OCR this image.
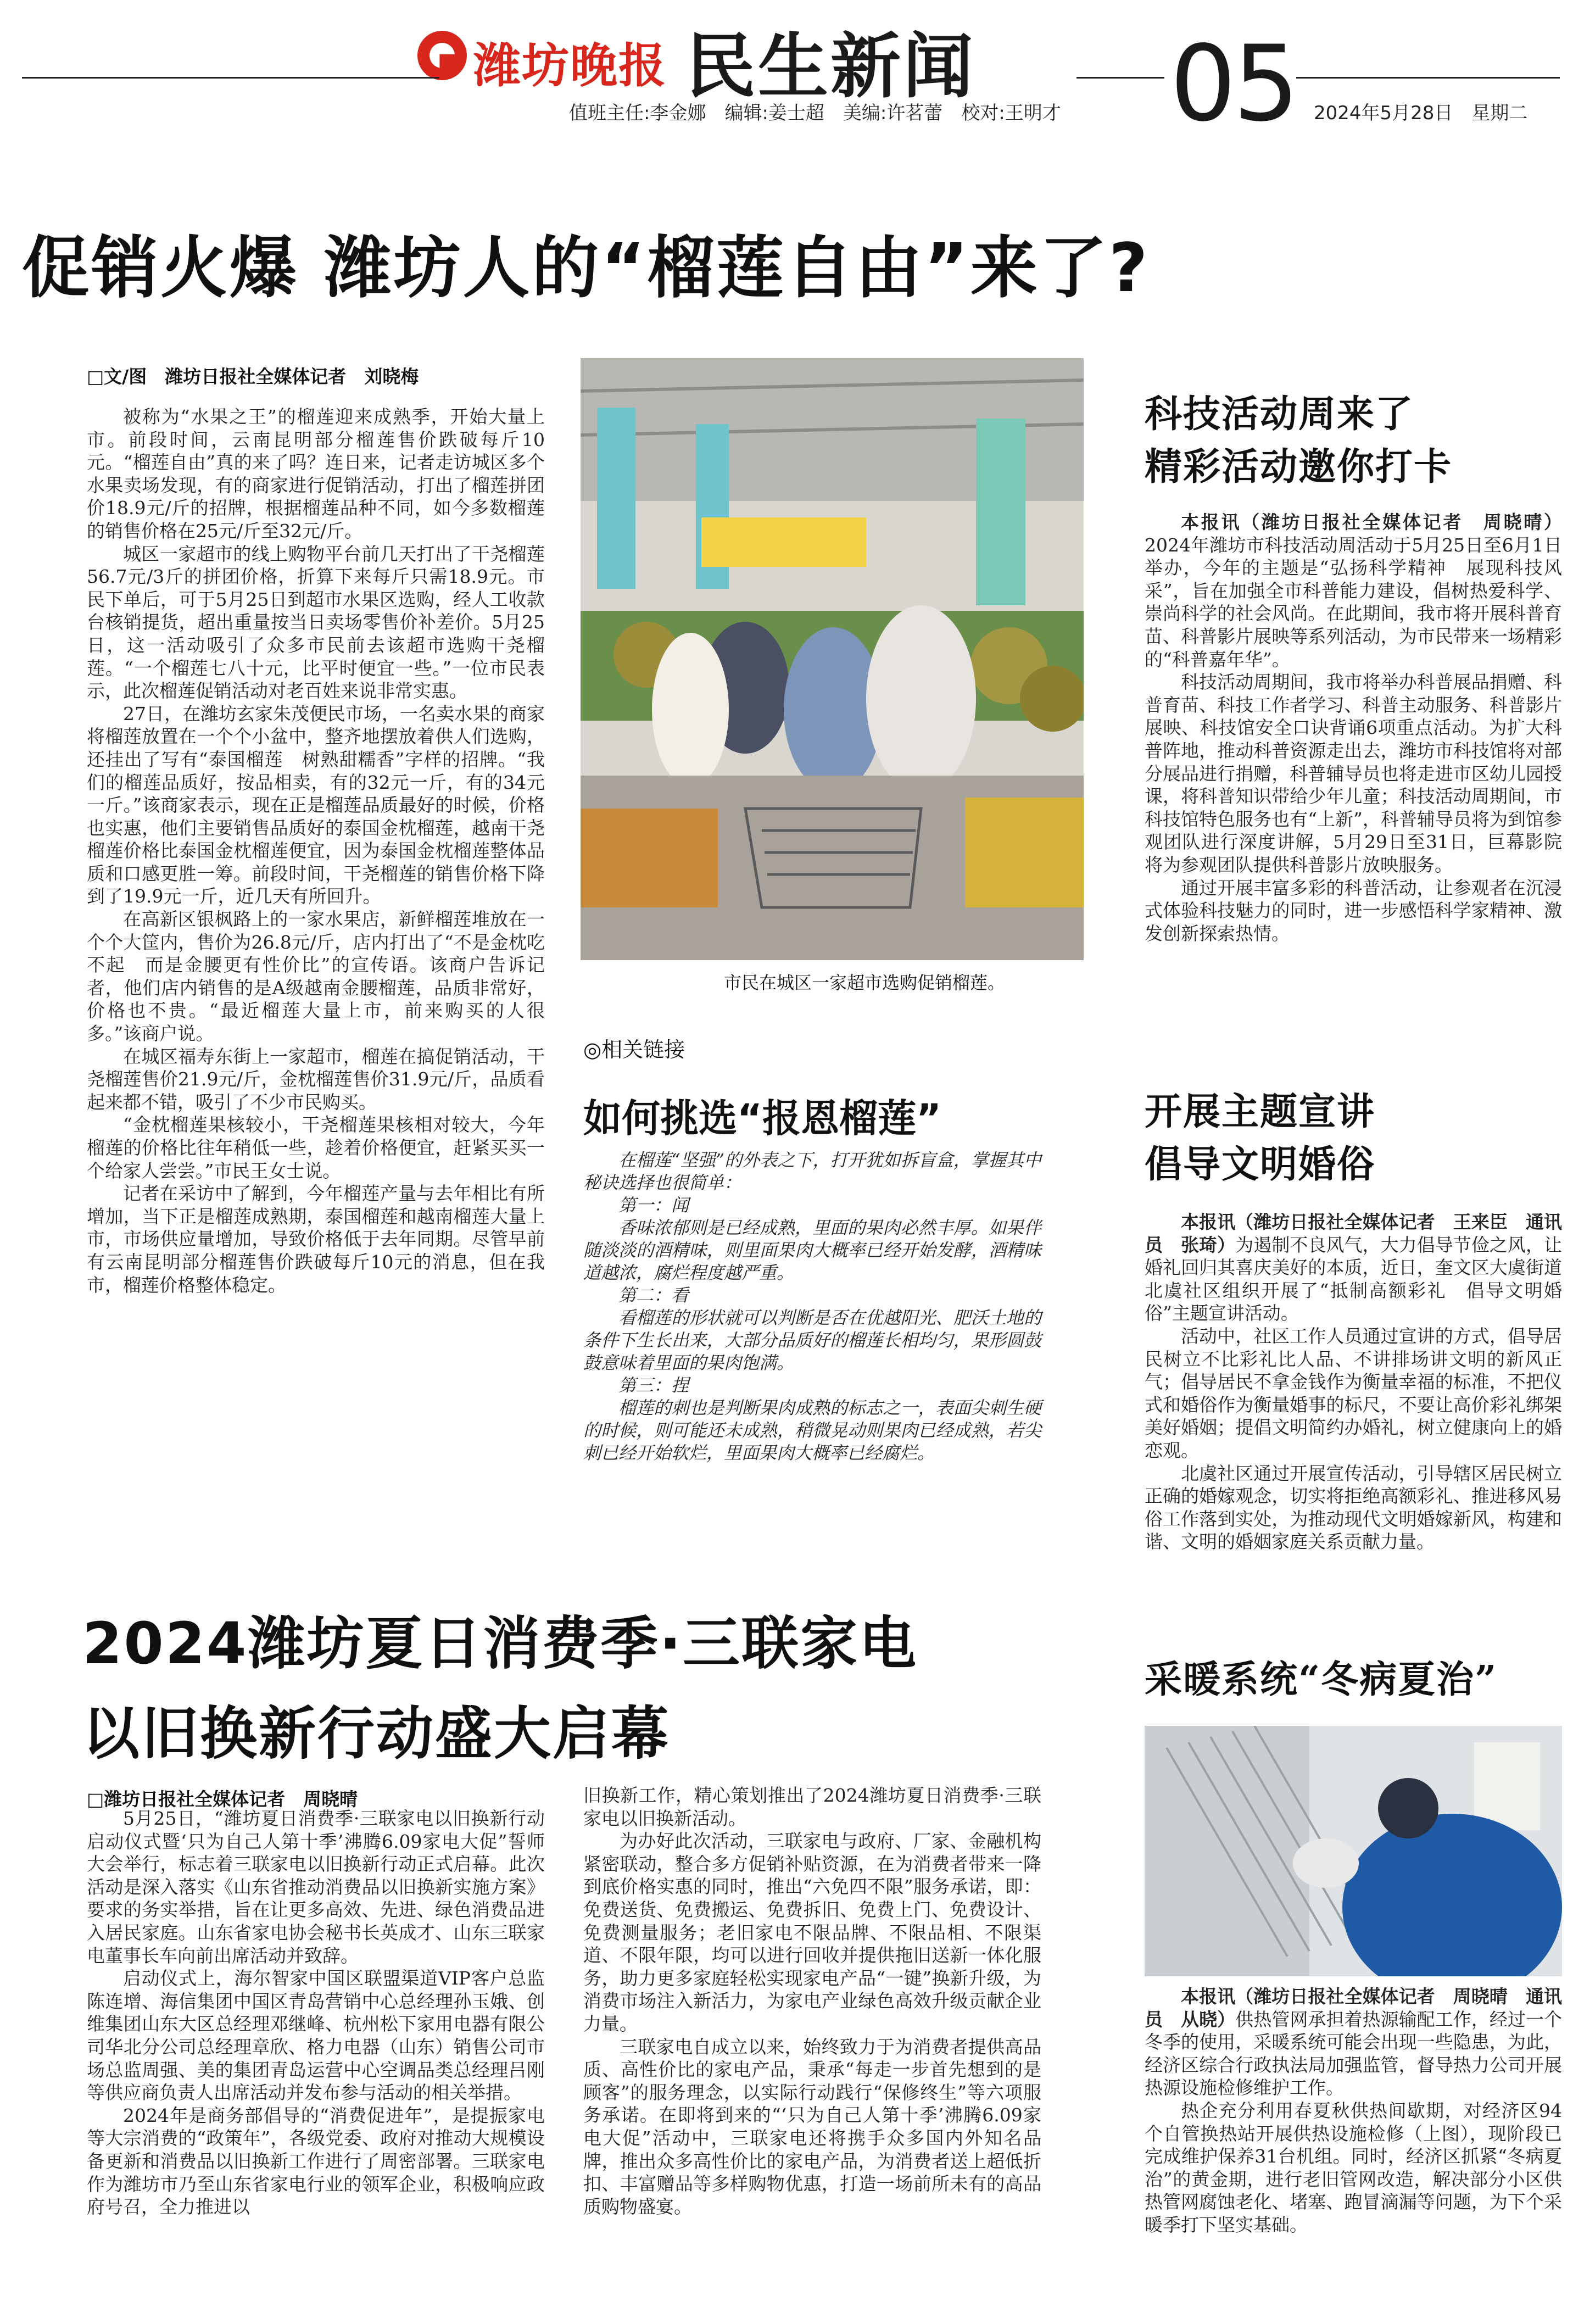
潍坊晚报 民生新闻 05
值班主任:李金娜　编辑:姜士超　美编:许茗蕾　校对:王明才	2024年5月28日　星期二
促销火爆 潍坊人的“榴莲自由”来了?
□文/图　潍坊日报社全媒体记者　刘晓梅

被称为“水果之王”的榴莲迎来成熟季，开始大量上市。前段时间，云南昆明部分榴莲售价跌破每斤10元。“榴莲自由”真的来了吗？连日来，记者走访城区多个水果卖场发现，有的商家进行促销活动，打出了榴莲拼团价18.9元/斤的招牌，根据榴莲品种不同，如今多数榴莲的销售价格在25元/斤至32元/斤。

城区一家超市的线上购物平台前几天打出了干尧榴莲56.7元/3斤的拼团价格，折算下来每斤只需18.9元。市民下单后，可于5月25日到超市水果区选购，经人工收款台核销提货，超出重量按当日卖场零售价补差价。5月25日，这一活动吸引了众多市民前去该超市选购干尧榴莲。“一个榴莲七八十元，比平时便宜一些。”一位市民表示，此次榴莲促销活动对老百姓来说非常实惠。

27日，在潍坊玄家朱茂便民市场，一名卖水果的商家将榴莲放置在一个个小盆中，整齐地摆放着供人们选购，还挂出了写有“泰国榴莲　树熟甜糯香”字样的招牌。“我们的榴莲品质好，按品相卖，有的32元一斤，有的34元一斤。”该商家表示，现在正是榴莲品质最好的时候，价格也实惠，他们主要销售品质好的泰国金枕榴莲，越南干尧榴莲价格比泰国金枕榴莲便宜，因为泰国金枕榴莲整体品质和口感更胜一筹。前段时间，干尧榴莲的销售价格下降到了19.9元一斤，近几天有所回升。

在高新区银枫路上的一家水果店，新鲜榴莲堆放在一个个大筐内，售价为26.8元/斤，店内打出了“不是金枕吃不起　而是金腰更有性价比”的宣传语。该商户告诉记者，他们店内销售的是A级越南金腰榴莲，品质非常好，价格也不贵。“最近榴莲大量上市，前来购买的人很多。”该商户说。

在城区福寿东街上一家超市，榴莲在搞促销活动，干尧榴莲售价21.9元/斤，金枕榴莲售价31.9元/斤，品质看起来都不错，吸引了不少市民购买。

“金枕榴莲果核较小，干尧榴莲果核相对较大，今年榴莲的价格比往年稍低一些，趁着价格便宜，赶紧买买一个给家人尝尝。”市民王女士说。

记者在采访中了解到，今年榴莲产量与去年相比有所增加，当下正是榴莲成熟期，泰国榴莲和越南榴莲大量上市，市场供应量增加，导致价格低于去年同期。尽管早前有云南昆明部分榴莲售价跌破每斤10元的消息，但在我市，榴莲价格整体稳定。

市民在城区一家超市选购促销榴莲。
◎相关链接
如何挑选“报恩榴莲”

在榴莲“坚强”的外表之下，打开犹如拆盲盒，掌握其中秘诀选择也很简单：

第一：闻

香味浓郁则是已经成熟，里面的果肉必然丰厚。如果伴随淡淡的酒精味，则里面果肉大概率已经开始发酵，酒精味道越浓，腐烂程度越严重。

第二：看

看榴莲的形状就可以判断是否在优越阳光、肥沃土地的条件下生长出来，大部分品质好的榴莲长相均匀，果形圆鼓鼓意味着里面的果肉饱满。

第三：捏

榴莲的刺也是判断果肉成熟的标志之一，表面尖刺生硬的时候，则可能还未成熟，稍微晃动则果肉已经成熟，若尖刺已经开始软烂，里面果肉大概率已经腐烂。

科技活动周来了
精彩活动邀你打卡

本报讯（潍坊日报社全媒体记者　周晓晴）2024年潍坊市科技活动周活动于5月25日至6月1日举办，今年的主题是“弘扬科学精神　展现科技风采”，旨在加强全市科普能力建设，倡树热爱科学、崇尚科学的社会风尚。在此期间，我市将开展科普育苗、科普影片展映等系列活动，为市民带来一场精彩的“科普嘉年华”。

科技活动周期间，我市将举办科普展品捐赠、科普育苗、科技工作者学习、科普主动服务、科普影片展映、科技馆安全口诀背诵6项重点活动。为扩大科普阵地，推动科普资源走出去，潍坊市科技馆将对部分展品进行捐赠，科普辅导员也将走进市区幼儿园授课，将科普知识带给少年儿童；科技活动周期间，市科技馆特色服务也有“上新”，科普辅导员将为到馆参观团队进行深度讲解，5月29日至31日，巨幕影院将为参观团队提供科普影片放映服务。

通过开展丰富多彩的科普活动，让参观者在沉浸式体验科技魅力的同时，进一步感悟科学家精神、激发创新探索热情。

开展主题宣讲
倡导文明婚俗

本报讯（潍坊日报社全媒体记者　王来臣　通讯员　张琦）为遏制不良风气，大力倡导节俭之风，让婚礼回归其喜庆美好的本质，近日，奎文区大虞街道北虞社区组织开展了“抵制高额彩礼　倡导文明婚俗”主题宣讲活动。

活动中，社区工作人员通过宣讲的方式，倡导居民树立不比彩礼比人品、不讲排场讲文明的新风正气；倡导居民不拿金钱作为衡量幸福的标准，不把仪式和婚俗作为衡量婚事的标尺，不要让高价彩礼绑架美好婚姻；提倡文明简约办婚礼，树立健康向上的婚恋观。

北虞社区通过开展宣传活动，引导辖区居民树立正确的婚嫁观念，切实将拒绝高额彩礼、推进移风易俗工作落到实处，为推动现代文明婚嫁新风，构建和谐、文明的婚姻家庭关系贡献力量。

采暖系统“冬病夏治”

本报讯（潍坊日报社全媒体记者　周晓晴　通讯员　从晓）供热管网承担着热源输配工作，经过一个冬季的使用，采暖系统可能会出现一些隐患，为此，经济区综合行政执法局加强监管，督导热力公司开展热源设施检修维护工作。

热企充分利用春夏秋供热间歇期，对经济区94个自管换热站开展供热设施检修（上图），现阶段已完成维护保养31台机组。同时，经济区抓紧“冬病夏治”的黄金期，进行老旧管网改造，解决部分小区供热管网腐蚀老化、堵塞、跑冒滴漏等问题，为下个采暖季打下坚实基础。

2024潍坊夏日消费季·三联家电
以旧换新行动盛大启幕
□潍坊日报社全媒体记者　周晓晴

5月25日，“潍坊夏日消费季·三联家电以旧换新行动启动仪式暨‘只为自己人第十季’沸腾6.09家电大促”誓师大会举行，标志着三联家电以旧换新行动正式启幕。此次活动是深入落实《山东省推动消费品以旧换新实施方案》要求的务实举措，旨在让更多高效、先进、绿色消费品进入居民家庭。山东省家电协会秘书长英成才、山东三联家电董事长车向前出席活动并致辞。

启动仪式上，海尔智家中国区联盟渠道VIP客户总监陈连增、海信集团中国区青岛营销中心总经理孙玉娥、创维集团山东大区总经理邓继峰、杭州松下家用电器有限公司华北分公司总经理章欣、格力电器（山东）销售公司市场总监周强、美的集团青岛运营中心空调品类总经理吕刚等供应商负责人出席活动并发布参与活动的相关举措。

2024年是商务部倡导的“消费促进年”，是提振家电等大宗消费的“政策年”，各级党委、政府对推动大规模设备更新和消费品以旧换新工作进行了周密部署。三联家电作为潍坊市乃至山东省家电行业的领军企业，积极响应政府号召，全力推进以

旧换新工作，精心策划推出了2024潍坊夏日消费季·三联家电以旧换新活动。

为办好此次活动，三联家电与政府、厂家、金融机构紧密联动，整合多方促销补贴资源，在为消费者带来一降到底价格实惠的同时，推出“六免四不限”服务承诺，即：免费送货、免费搬运、免费拆旧、免费上门、免费设计、免费测量服务；老旧家电不限品牌、不限品相、不限渠道、不限年限，均可以进行回收并提供拖旧送新一体化服务，助力更多家庭轻松实现家电产品“一键”换新升级，为消费市场注入新活力，为家电产业绿色高效升级贡献企业力量。

三联家电自成立以来，始终致力于为消费者提供高品质、高性价比的家电产品，秉承“每走一步首先想到的是顾客”的服务理念，以实际行动践行“保修终生”等六项服务承诺。在即将到来的“‘只为自己人第十季’沸腾6.09家电大促”活动中，三联家电还将携手众多国内外知名品牌，推出众多高性价比的家电产品，为消费者送上超低折扣、丰富赠品等多样购物优惠，打造一场前所未有的高品质购物盛宴。
